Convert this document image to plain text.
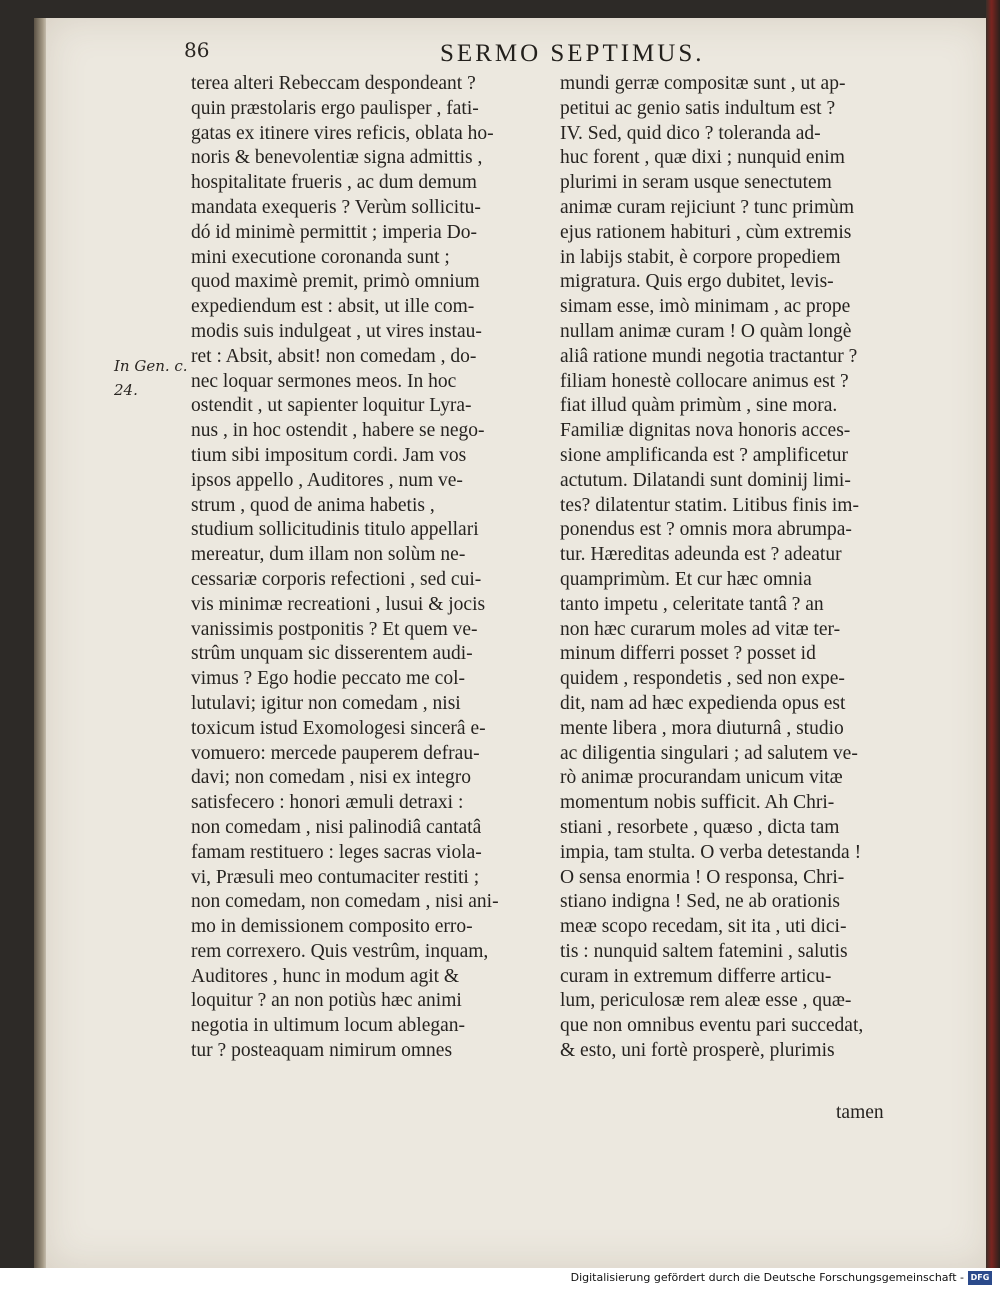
86	SERMO SEPTIMUS.
In Gen. c. 24.
terea alteri Rebeccam despondeant ?
quin præstolaris ergo paulisper , fati-
gatas ex itinere vires reficis, oblata ho-
noris & benevolentiæ signa admittis ,
hospitalitate frueris , ac dum demum
mandata exequeris ? Verùm sollicitu-
dó id minimè permittit ; imperia Do-
mini executione coronanda sunt ;
quod maximè premit, primò omnium
expediendum est : absit, ut ille com-
modis suis indulgeat , ut vires instau-
ret : Absit, absit! non comedam , do-
nec loquar sermones meos. In hoc
ostendit , ut sapienter loquitur Lyra-
nus , in hoc ostendit , habere se nego-
tium sibi impositum cordi. Jam vos
ipsos appello , Auditores , num ve-
strum , quod de anima habetis ,
studium sollicitudinis titulo appellari
mereatur, dum illam non solùm ne-
cessariæ corporis refectioni , sed cui-
vis minimæ recreationi , lusui & jocis
vanissimis postponitis ? Et quem ve-
strûm unquam sic disserentem audi-
vimus ? Ego hodie peccato me col-
lutulavi; igitur non comedam , nisi
toxicum istud Exomologesi sincerâ e-
vomuero: mercede pauperem defrau-
davi; non comedam , nisi ex integro
satisfecero : honori æmuli detraxi :
non comedam , nisi palinodiâ cantatâ
famam restituero : leges sacras viola-
vi, Præsuli meo contumaciter restiti ;
non comedam, non comedam , nisi ani-
mo in demissionem composito erro-
rem correxero. Quis vestrûm, inquam,
Auditores , hunc in modum agit &
loquitur ? an non potiùs hæc animi
negotia in ultimum locum ablegan-
tur ? posteaquam nimirum omnes
mundi gerræ compositæ sunt , ut ap-
petitui ac genio satis indultum est ?
IV. Sed, quid dico ? toleranda ad-
huc forent , quæ dixi ; nunquid enim
plurimi in seram usque senectutem
animæ curam rejiciunt ? tunc primùm
ejus rationem habituri , cùm extremis
in labijs stabit, è corpore propediem
migratura. Quis ergo dubitet, levis-
simam esse, imò minimam , ac prope
nullam animæ curam ! O quàm longè
aliâ ratione mundi negotia tractantur ?
filiam honestè collocare animus est ?
fiat illud quàm primùm , sine mora.
Familiæ dignitas nova honoris acces-
sione amplificanda est ? amplificetur
actutum. Dilatandi sunt dominij limi-
tes? dilatentur statim. Litibus finis im-
ponendus est ? omnis mora abrumpa-
tur. Hæreditas adeunda est ? adeatur
quamprimùm. Et cur hæc omnia
tanto impetu , celeritate tantâ ? an
non hæc curarum moles ad vitæ ter-
minum differri posset ? posset id
quidem , respondetis , sed non expe-
dit, nam ad hæc expedienda opus est
mente libera , mora diuturnâ , studio
ac diligentia singulari ; ad salutem ve-
rò animæ procurandam unicum vitæ
momentum nobis sufficit. Ah Chri-
stiani , resorbete , quæso , dicta tam
impia, tam stulta. O verba detestanda !
O sensa enormia ! O responsa, Chri-
stiano indigna ! Sed, ne ab orationis
meæ scopo recedam, sit ita , uti dici-
tis : nunquid saltem fatemini , salutis
curam in extremum differre articu-
lum, periculosæ rem aleæ esse , quæ-
que non omnibus eventu pari succedat,
& esto, uni fortè prosperè, plurimis
tamen
Digitalisierung gefördert durch die Deutsche Forschungsgemeinschaft - DFG
